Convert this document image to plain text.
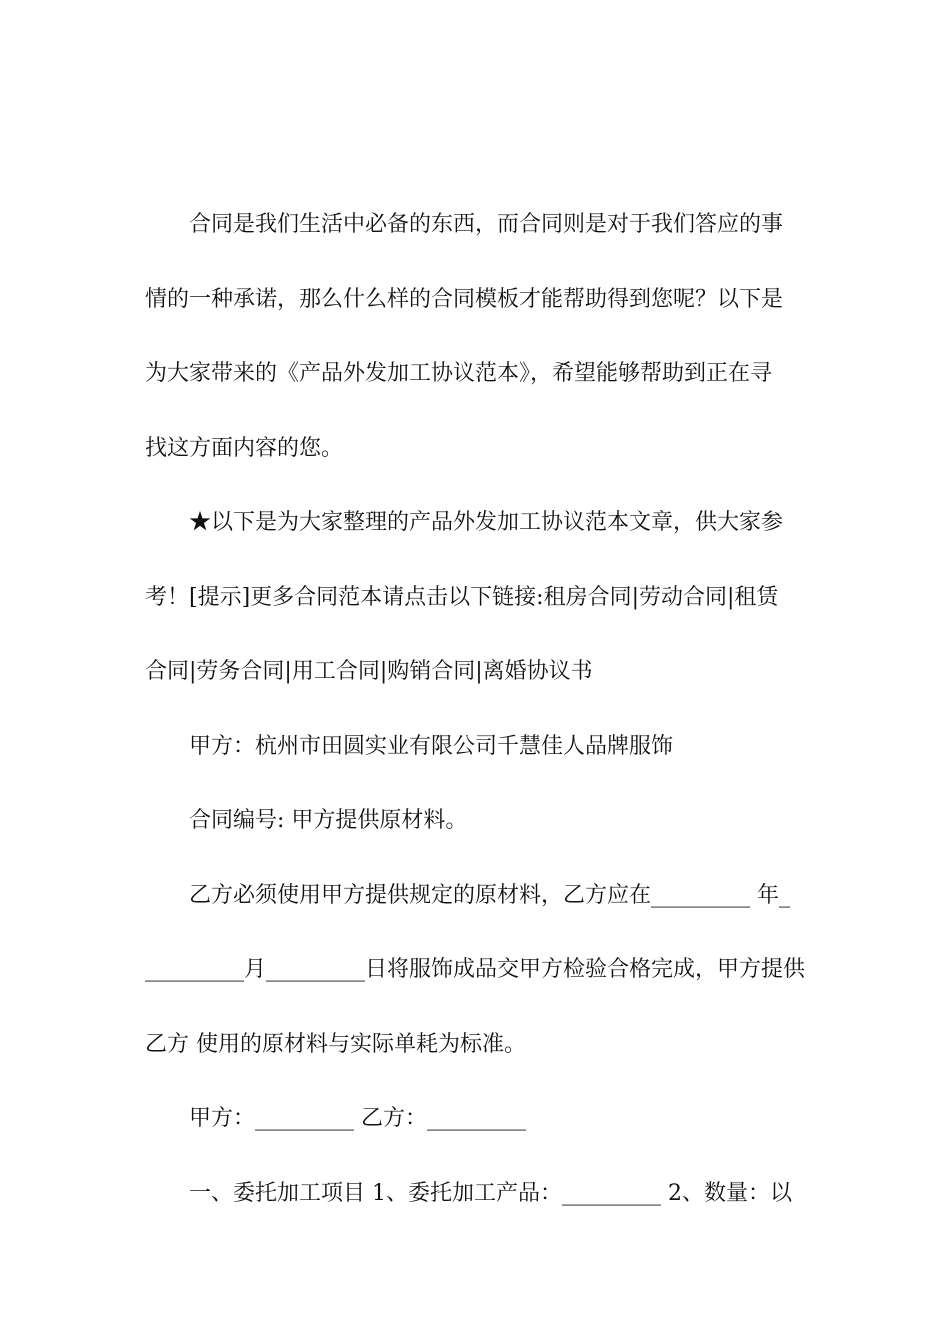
合同是我们生活中必备的东西，而合同则是对于我们答应的事
情的一种承诺，那么什么样的合同模板才能帮助得到您呢？以下是
为大家带来的《产品外发加工协议范本》，希望能够帮助到正在寻
找这方面内容的您。
★以下是为大家整理的产品外发加工协议范本文章，供大家参
考！[提示]更多合同范本请点击以下链接:租房合同|劳动合同|租赁
合同|劳务合同|用工合同|购销合同|离婚协议书
甲方：杭州市田圆实业有限公司千慧佳人品牌服饰
合同编号: 甲方提供原材料。
乙方必须使用甲方提供规定的原材料，乙方应在_________ 年_
_________月_________日将服饰成品交甲方检验合格完成，甲方提供
乙方 使用的原材料与实际单耗为标准。
甲方：_________ 乙方：_________
一、委托加工项目 1、委托加工产品：_________ 2、数量：以
